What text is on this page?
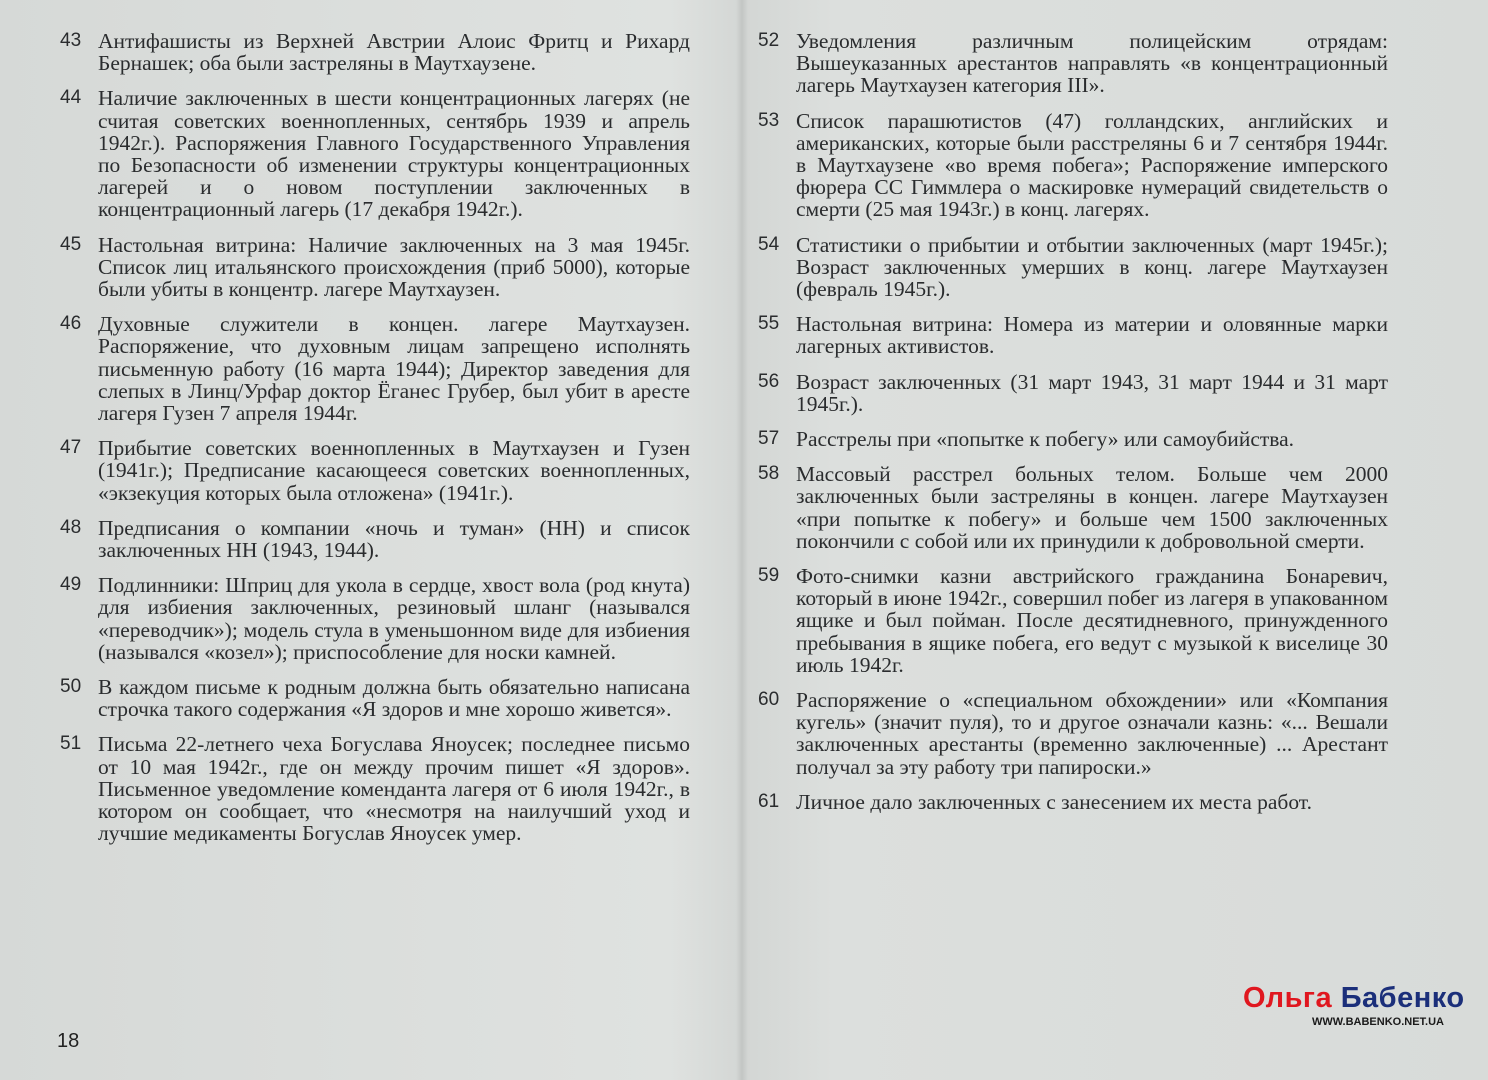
43 Антифашисты из Верхней Австрии Алоис Фритц и Рихард Бернашек; оба были застреляны в Маутхаузене.
44 Наличие заключенных в шести концентрационных лагерях (не считая советских военнопленных, сентябрь 1939 и апрель 1942г.). Распоряжения Главного Государственного Управления по Безопасности об изменении структуры концентрационных лагерей и о новом поступлении заключенных в концентрационный лагерь (17 декабря 1942г.).
45 Настольная витрина: Наличие заключенных на 3 мая 1945г. Список лиц итальянского происхождения (приб 5000), которые были убиты в концентр. лагере Маутхаузен.
46 Духовные служители в концен. лагере Маутхаузен. Распоряжение, что духовным лицам запрещено исполнять письменную работу (16 марта 1944); Директор заведения для слепых в Линц/Урфар доктор Ёганес Грубер, был убит в аресте лагеря Гузен 7 апреля 1944г.
47 Прибытие советских военнопленных в Маутхаузен и Гузен (1941г.); Предписание касающееся советских военнопленных, «экзекуция которых была отложена» (1941г.).
48 Предписания о компании «ночь и туман» (НН) и список заключенных НН (1943, 1944).
49 Подлинники: Шприц для укола в сердце, хвост вола (род кнута) для избиения заключенных, резиновый шланг (назывался «переводчик»); модель стула в уменьшонном виде для избиения (назывался «козел»); приспособление для носки камней.
50 В каждом письме к родным должна быть обязательно написана строчка такого содержания «Я здоров и мне хорошо живется».
51 Письма 22-летнего чеха Богуслава Яноусек; последнее письмо от 10 мая 1942г., где он между прочим пишет «Я здоров». Письменное уведомление коменданта лагеря от 6 июля 1942г., в котором он сообщает, что «несмотря на наилучший уход и лучшие медикаменты Богуслав Яноусек умер.
52 Уведомления различным полицейским отрядам: Вышеуказанных арестантов направлять «в концентрационный лагерь Маутхаузен категория III».
53 Список парашютистов (47) голландских, английских и американских, которые были расстреляны 6 и 7 сентября 1944г. в Маутхаузене «во время побега»; Распоряжение имперского фюрера СС Гиммлера о маскировке нумераций свидетельств о смерти (25 мая 1943г.) в конц. лагерях.
54 Статистики о прибытии и отбытии заключенных (март 1945г.); Возраст заключенных умерших в конц. лагере Маутхаузен (февраль 1945г.).
55 Настольная витрина: Номера из материи и оловянные марки лагерных активистов.
56 Возраст заключенных (31 март 1943, 31 март 1944 и 31 март 1945г.).
57 Расстрелы при «попытке к побегу» или самоубийства.
58 Массовый расстрел больных телом. Больше чем 2000 заключенных были застреляны в концен. лагере Маутхаузен «при попытке к побегу» и больше чем 1500 заключенных покончили с собой или их принудили к добровольной смерти.
59 Фото-снимки казни австрийского гражданина Бонаревич, который в июне 1942г., совершил побег из лагеря в упакованном ящике и был пойман. После десятидневного, принужденного пребывания в ящике побега, его ведут с музыкой к виселице 30 июль 1942г.
60 Распоряжение о «специальном обхождении» или «Компания кугель» (значит пуля), то и другое означали казнь: «... Вешали заключенных арестанты (временно заключенные) ... Арестант получал за эту работу три папироски.»
61 Личное дало заключенных с занесением их места работ.
18
Ольга Бабенко
WWW.BABENKO.NET.UA
